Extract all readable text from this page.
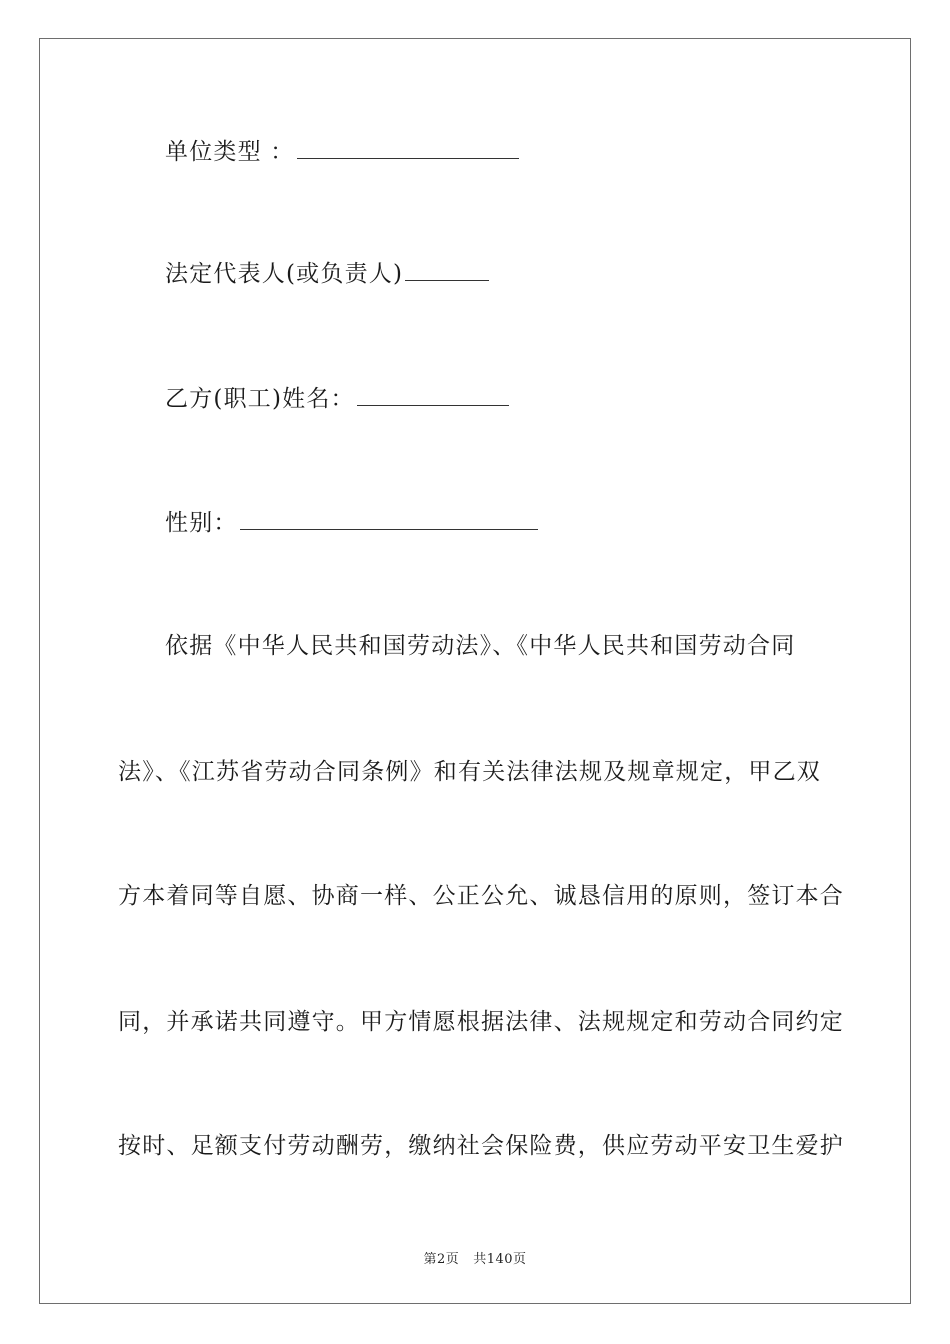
单位类型 ：
法定代表人(或负责人)
乙方(职工)姓名：
性别：
依据《中华人民共和国劳动法》、《中华人民共和国劳动合同
法》、《江苏省劳动合同条例》和有关法律法规及规章规定，甲乙双
方本着同等自愿、协商一样、公正公允、诚恳信用的原则，签订本合
同，并承诺共同遵守。甲方情愿根据法律、法规规定和劳动合同约定
按时、足额支付劳动酬劳，缴纳社会保险费，供应劳动平安卫生爱护
第2页 共140页
